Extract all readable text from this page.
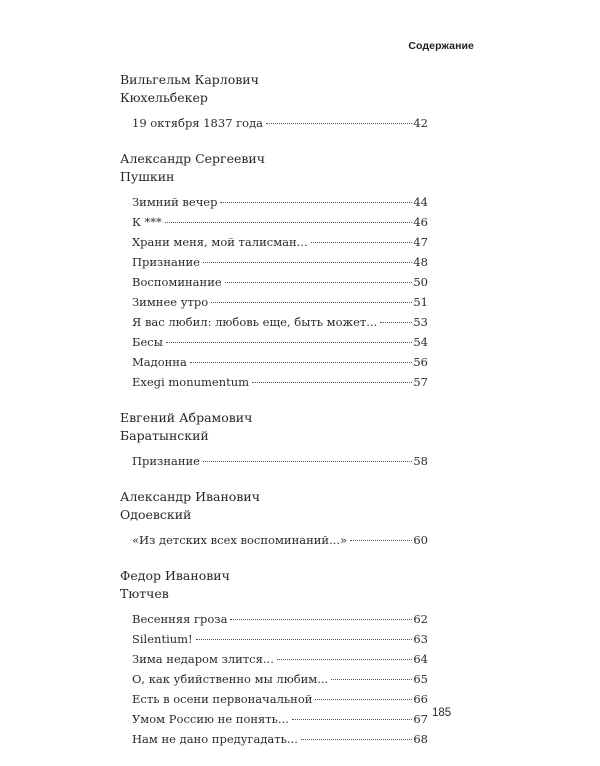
Содержание
Вильгельм Карлович
Кюхельбекер
19 октября 1837 года	42
Александр Сергеевич
Пушкин
Зимний вечер	44
К ***	46
Храни меня, мой талисман...	47
Признание	48
Воспоминание	50
Зимнее утро	51
Я вас любил: любовь еще, быть может...	53
Бесы	54
Мадонна	56
Exegi monumentum	57
Евгений Абрамович
Баратынский
Признание	58
Александр Иванович
Одоевский
«Из детских всех воспоминаний...»	60
Федор Иванович
Тютчев
Весенняя гроза	62
Silentium!	63
Зима недаром злится...	64
О, как убийственно мы любим...	65
Есть в осени первоначальной	66
Умом Россию не понять...	67
Нам не дано предугадать...	68
185
